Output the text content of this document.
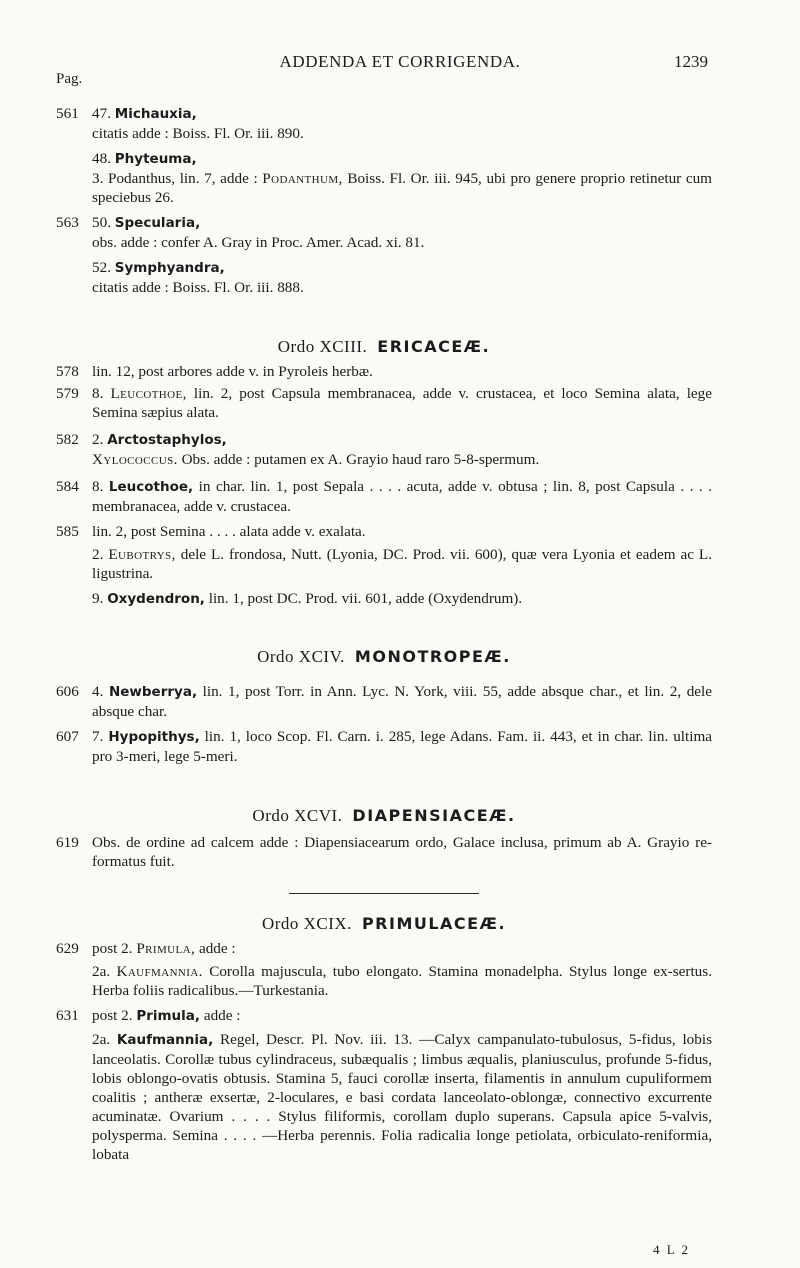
ADDENDA ET CORRIGENDA.	1239
Pag.
561 47. Michauxia,
citatis adde : Boiss. Fl. Or. iii. 890.
48. Phyteuma,
3. Podanthus, lin. 7, adde : Podanthum, Boiss. Fl. Or. iii. 945, ubi pro genere proprio retinetur cum speciebus 26.
563 50. Specularia,
obs. adde : confer A. Gray in Proc. Amer. Acad. xi. 81.
52. Symphyandra,
citatis adde : Boiss. Fl. Or. iii. 888.
Ordo XCIII. ERICACEÆ.
578 lin. 12, post arbores adde v. in Pyroleis herbæ.
579 8. Leucothoe, lin. 2, post Capsula membranacea, adde v. crustacea, et loco Semina alata, lege Semina sæpius alata.
582 2. Arctostaphylos,
Xylococcus. Obs. adde : putamen ex A. Grayio haud raro 5-8-spermum.
584 8. Leucothoe, in char. lin. 1, post Sepala . . . . acuta, adde v. obtusa ; lin. 8, post Capsula . . . . membranacea, adde v. crustacea.
585 lin. 2, post Semina . . . . alata adde v. exalata.
2. Eubotrys, dele L. frondosa, Nutt. (Lyonia, DC. Prod. vii. 600), quæ vera Lyonia et eadem ac L. ligustrina.
9. Oxydendron, lin. 1, post DC. Prod. vii. 601, adde (Oxydendrum).
Ordo XCIV. MONOTROPEÆ.
606 4. Newberrya, lin. 1, post Torr. in Ann. Lyc. N. York, viii. 55, adde absque char., et lin. 2, dele absque char.
607 7. Hypopithys, lin. 1, loco Scop. Fl. Carn. i. 285, lege Adans. Fam. ii. 443, et in char. lin. ultima pro 3-meri, lege 5-meri.
Ordo XCVI. DIAPENSIACEÆ.
619 Obs. de ordine ad calcem adde : Diapensiacearum ordo, Galace inclusa, primum ab A. Grayio re-formatus fuit.
Ordo XCIX. PRIMULACEÆ.
629 post 2. Primula, adde :
2a. Kaufmannia. Corolla majuscula, tubo elongato. Stamina monadelpha. Stylus longe ex-sertus. Herba foliis radicalibus.—Turkestania.
631 post 2. Primula, adde :
2a. Kaufmannia, Regel, Descr. Pl. Nov. iii. 13. —Calyx campanulato-tubulosus, 5-fidus, lobis lanceolatis. Corollæ tubus cylindraceus, subæqualis ; limbus æqualis, planiusculus, profunde 5-fidus, lobis oblongo-ovatis obtusis. Stamina 5, fauci corollæ inserta, filamentis in annulum cupuliformem coalitis ; antheræ exsertæ, 2-loculares, e basi cordata lanceolato-oblongæ, connectivo excurrente acuminatæ. Ovarium . . . . Stylus filiformis, corollam duplo superans. Capsula apice 5-valvis, polysperma. Semina . . . . —Herba perennis. Folia radicalia longe petiolata, orbiculato-reniformia, lobata
4 L 2
